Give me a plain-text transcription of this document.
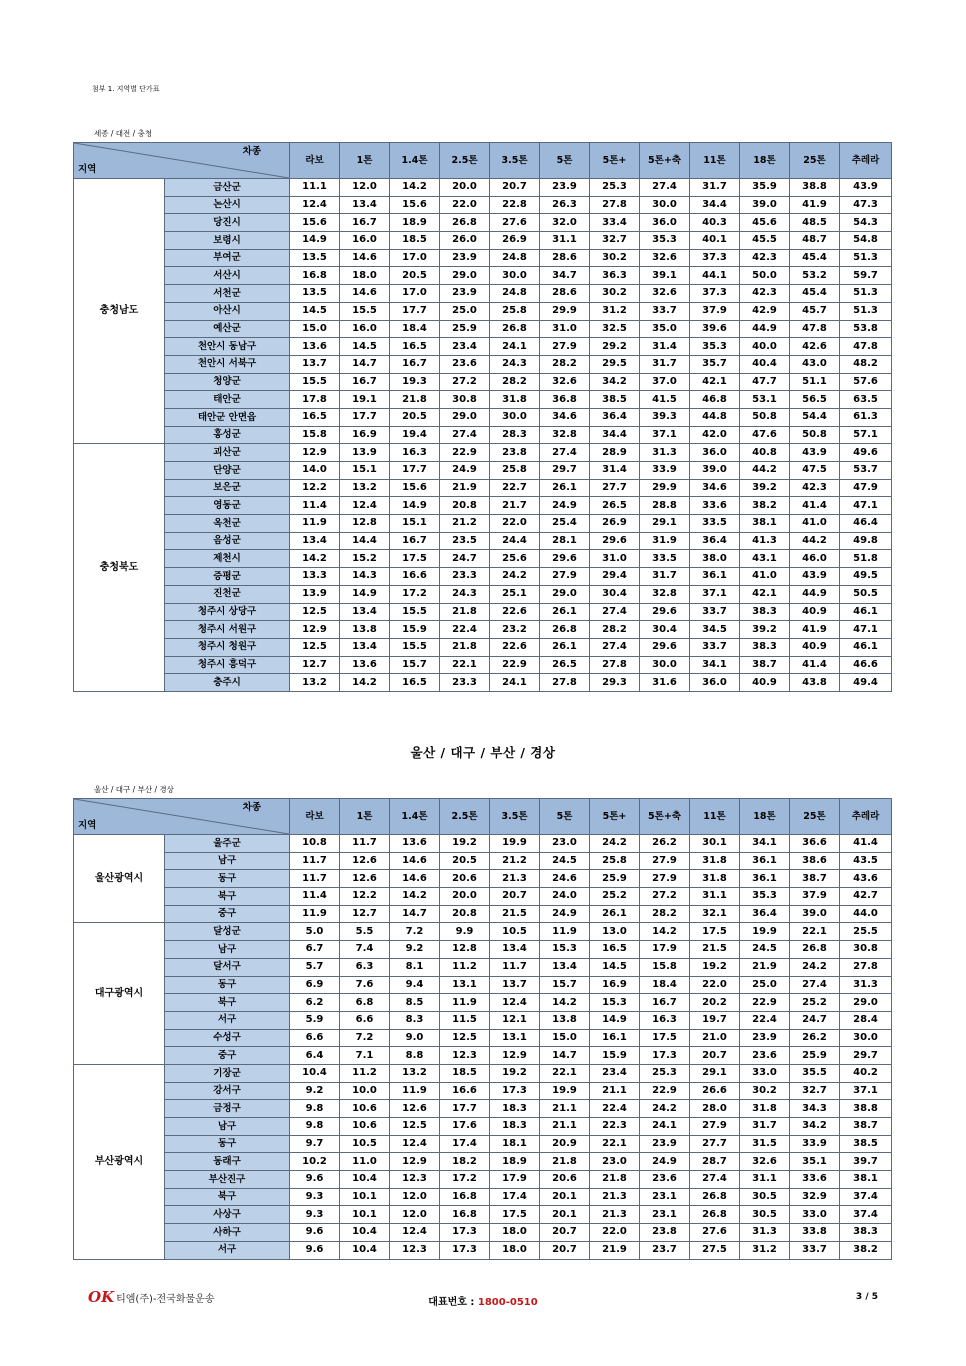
첨부 1. 지역별 단가표
세종 / 대전 / 충청
차종
지역		라보	1톤	1.4톤	2.5톤	3.5톤	5톤	5톤+	5톤+축	11톤	18톤	25톤	추레라
충청남도	금산군	11.1	12.0	14.2	20.0	20.7	23.9	25.3	27.4	31.7	35.9	38.8	43.9
	논산시	12.4	13.4	15.6	22.0	22.8	26.3	27.8	30.0	34.4	39.0	41.9	47.3
	당진시	15.6	16.7	18.9	26.8	27.6	32.0	33.4	36.0	40.3	45.6	48.5	54.3
	보령시	14.9	16.0	18.5	26.0	26.9	31.1	32.7	35.3	40.1	45.5	48.7	54.8
	부여군	13.5	14.6	17.0	23.9	24.8	28.6	30.2	32.6	37.3	42.3	45.4	51.3
	서산시	16.8	18.0	20.5	29.0	30.0	34.7	36.3	39.1	44.1	50.0	53.2	59.7
	서천군	13.5	14.6	17.0	23.9	24.8	28.6	30.2	32.6	37.3	42.3	45.4	51.3
	아산시	14.5	15.5	17.7	25.0	25.8	29.9	31.2	33.7	37.9	42.9	45.7	51.3
	예산군	15.0	16.0	18.4	25.9	26.8	31.0	32.5	35.0	39.6	44.9	47.8	53.8
	천안시 동남구	13.6	14.5	16.5	23.4	24.1	27.9	29.2	31.4	35.3	40.0	42.6	47.8
	천안시 서북구	13.7	14.7	16.7	23.6	24.3	28.2	29.5	31.7	35.7	40.4	43.0	48.2
	청양군	15.5	16.7	19.3	27.2	28.2	32.6	34.2	37.0	42.1	47.7	51.1	57.6
	태안군	17.8	19.1	21.8	30.8	31.8	36.8	38.5	41.5	46.8	53.1	56.5	63.5
	태안군 안면읍	16.5	17.7	20.5	29.0	30.0	34.6	36.4	39.3	44.8	50.8	54.4	61.3
	홍성군	15.8	16.9	19.4	27.4	28.3	32.8	34.4	37.1	42.0	47.6	50.8	57.1
충청북도	괴산군	12.9	13.9	16.3	22.9	23.8	27.4	28.9	31.3	36.0	40.8	43.9	49.6
	단양군	14.0	15.1	17.7	24.9	25.8	29.7	31.4	33.9	39.0	44.2	47.5	53.7
	보은군	12.2	13.2	15.6	21.9	22.7	26.1	27.7	29.9	34.6	39.2	42.3	47.9
	영동군	11.4	12.4	14.9	20.8	21.7	24.9	26.5	28.8	33.6	38.2	41.4	47.1
	옥천군	11.9	12.8	15.1	21.2	22.0	25.4	26.9	29.1	33.5	38.1	41.0	46.4
	음성군	13.4	14.4	16.7	23.5	24.4	28.1	29.6	31.9	36.4	41.3	44.2	49.8
	제천시	14.2	15.2	17.5	24.7	25.6	29.6	31.0	33.5	38.0	43.1	46.0	51.8
	증평군	13.3	14.3	16.6	23.3	24.2	27.9	29.4	31.7	36.1	41.0	43.9	49.5
	진천군	13.9	14.9	17.2	24.3	25.1	29.0	30.4	32.8	37.1	42.1	44.9	50.5
	청주시 상당구	12.5	13.4	15.5	21.8	22.6	26.1	27.4	29.6	33.7	38.3	40.9	46.1
	청주시 서원구	12.9	13.8	15.9	22.4	23.2	26.8	28.2	30.4	34.5	39.2	41.9	47.1
	청주시 청원구	12.5	13.4	15.5	21.8	22.6	26.1	27.4	29.6	33.7	38.3	40.9	46.1
	청주시 흥덕구	12.7	13.6	15.7	22.1	22.9	26.5	27.8	30.0	34.1	38.7	41.4	46.6
	충주시	13.2	14.2	16.5	23.3	24.1	27.8	29.3	31.6	36.0	40.9	43.8	49.4
울산 / 대구 / 부산 / 경상
울산 / 대구 / 부산 / 경상
차종
지역		라보	1톤	1.4톤	2.5톤	3.5톤	5톤	5톤+	5톤+축	11톤	18톤	25톤	추레라
울산광역시	울주군	10.8	11.7	13.6	19.2	19.9	23.0	24.2	26.2	30.1	34.1	36.6	41.4
	남구	11.7	12.6	14.6	20.5	21.2	24.5	25.8	27.9	31.8	36.1	38.6	43.5
	동구	11.7	12.6	14.6	20.6	21.3	24.6	25.9	27.9	31.8	36.1	38.7	43.6
	북구	11.4	12.2	14.2	20.0	20.7	24.0	25.2	27.2	31.1	35.3	37.9	42.7
	중구	11.9	12.7	14.7	20.8	21.5	24.9	26.1	28.2	32.1	36.4	39.0	44.0
대구광역시	달성군	5.0	5.5	7.2	9.9	10.5	11.9	13.0	14.2	17.5	19.9	22.1	25.5
	남구	6.7	7.4	9.2	12.8	13.4	15.3	16.5	17.9	21.5	24.5	26.8	30.8
	달서구	5.7	6.3	8.1	11.2	11.7	13.4	14.5	15.8	19.2	21.9	24.2	27.8
	동구	6.9	7.6	9.4	13.1	13.7	15.7	16.9	18.4	22.0	25.0	27.4	31.3
	북구	6.2	6.8	8.5	11.9	12.4	14.2	15.3	16.7	20.2	22.9	25.2	29.0
	서구	5.9	6.6	8.3	11.5	12.1	13.8	14.9	16.3	19.7	22.4	24.7	28.4
	수성구	6.6	7.2	9.0	12.5	13.1	15.0	16.1	17.5	21.0	23.9	26.2	30.0
	중구	6.4	7.1	8.8	12.3	12.9	14.7	15.9	17.3	20.7	23.6	25.9	29.7
부산광역시	기장군	10.4	11.2	13.2	18.5	19.2	22.1	23.4	25.3	29.1	33.0	35.5	40.2
	강서구	9.2	10.0	11.9	16.6	17.3	19.9	21.1	22.9	26.6	30.2	32.7	37.1
	금정구	9.8	10.6	12.6	17.7	18.3	21.1	22.4	24.2	28.0	31.8	34.3	38.8
	남구	9.8	10.6	12.5	17.6	18.3	21.1	22.3	24.1	27.9	31.7	34.2	38.7
	동구	9.7	10.5	12.4	17.4	18.1	20.9	22.1	23.9	27.7	31.5	33.9	38.5
	동래구	10.2	11.0	12.9	18.2	18.9	21.8	23.0	24.9	28.7	32.6	35.1	39.7
	부산진구	9.6	10.4	12.3	17.2	17.9	20.6	21.8	23.6	27.4	31.1	33.6	38.1
	북구	9.3	10.1	12.0	16.8	17.4	20.1	21.3	23.1	26.8	30.5	32.9	37.4
	사상구	9.3	10.1	12.0	16.8	17.5	20.1	21.3	23.1	26.8	30.5	33.0	37.4
	사하구	9.6	10.4	12.4	17.3	18.0	20.7	22.0	23.8	27.6	31.3	33.8	38.3
	서구	9.6	10.4	12.3	17.3	18.0	20.7	21.9	23.7	27.5	31.2	33.7	38.2
OK 티엠(주)-전국화물운송	대표번호 : 1800-0510	3 / 5
